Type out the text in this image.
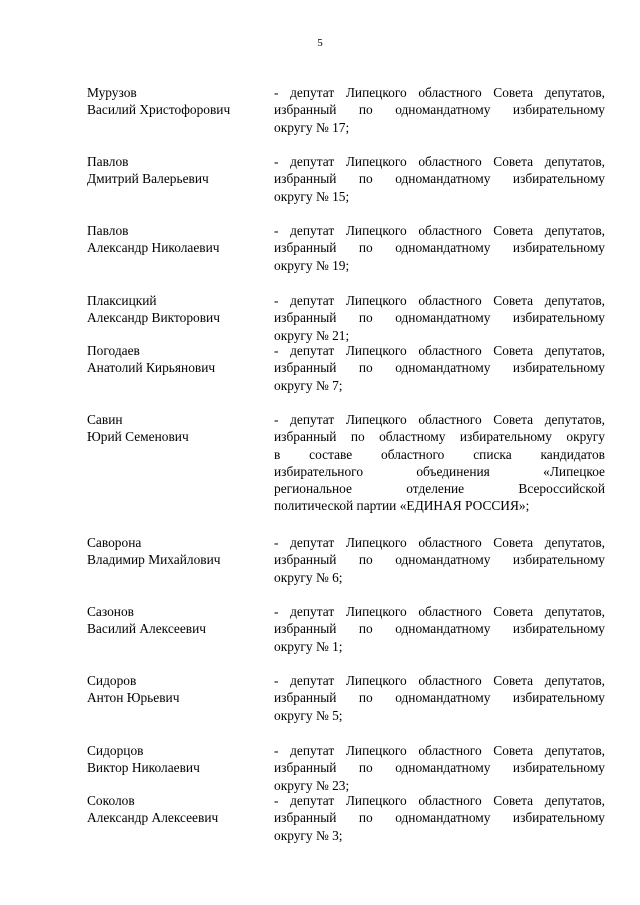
5
Мурузов
Василий Христофорович
- депутат Липецкого областного Совета депутатов,
избранный по одномандатному избирательному
округу № 17;
Павлов
Дмитрий Валерьевич
- депутат Липецкого областного Совета депутатов,
избранный по одномандатному избирательному
округу № 15;
Павлов
Александр Николаевич
- депутат Липецкого областного Совета депутатов,
избранный по одномандатному избирательному
округу № 19;
Плаксицкий
Александр Викторович
- депутат Липецкого областного Совета депутатов,
избранный по одномандатному избирательному
округу № 21;
Погодаев
Анатолий Кирьянович
- депутат Липецкого областного Совета депутатов,
избранный по одномандатному избирательному
округу № 7;
Савин
Юрий Семенович
- депутат Липецкого областного Совета депутатов,
избранный по областному избирательному округу
в составе областного списка кандидатов
избирательного объединения «Липецкое
региональное отделение Всероссийской
политической партии «ЕДИНАЯ РОССИЯ»;
Саворона
Владимир Михайлович
- депутат Липецкого областного Совета депутатов,
избранный по одномандатному избирательному
округу № 6;
Сазонов
Василий Алексеевич
- депутат Липецкого областного Совета депутатов,
избранный по одномандатному избирательному
округу № 1;
Сидоров
Антон Юрьевич
- депутат Липецкого областного Совета депутатов,
избранный по одномандатному избирательному
округу № 5;
Сидорцов
Виктор Николаевич
- депутат Липецкого областного Совета депутатов,
избранный по одномандатному избирательному
округу № 23;
Соколов
Александр Алексеевич
- депутат Липецкого областного Совета депутатов,
избранный по одномандатному избирательному
округу № 3;
